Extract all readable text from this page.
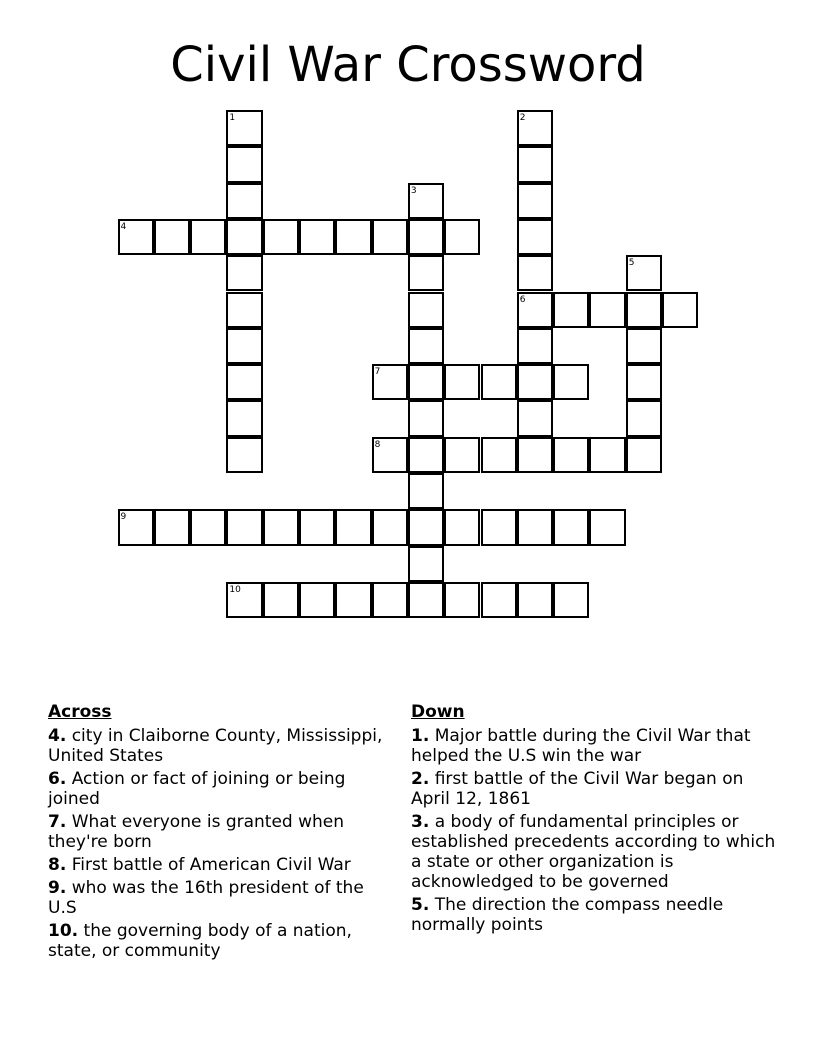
Civil War Crossword
1	2
6
3
4
5
7
8
9
10
Across
4. city in Claiborne County, Mississippi, United States
6. Action or fact of joining or being joined
7. What everyone is granted when they're born
8. First battle of American Civil War
9. who was the 16th president of the U.S
10. the governing body of a nation, state, or community
Down
1. Major battle during the Civil War that helped the U.S win the war
2. first battle of the Civil War began on April 12, 1861
3. a body of fundamental principles or established precedents according to which a state or other organization is acknowledged to be governed
5. The direction the compass needle normally points
